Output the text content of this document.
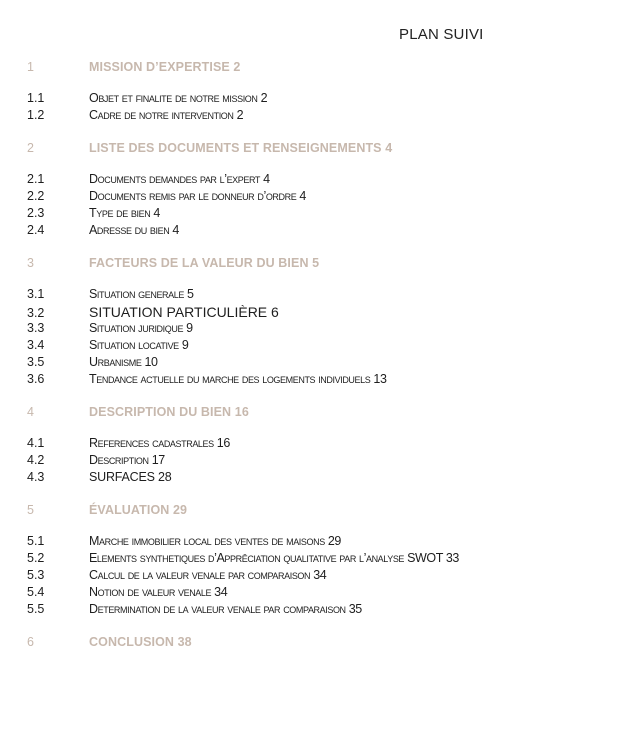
PLAN SUIVI
1	MISSION D’EXPERTISE 2
1.1	Objet et finalite de notre mission 2
1.2	Cadre de notre intervention 2
2	LISTE DES DOCUMENTS ET RENSEIGNEMENTS 4
2.1	Documents demandes par l’expert 4
2.2	Documents remis par le donneur d’ordre 4
2.3	Type de bien 4
2.4	Adresse du bien 4
3	FACTEURS DE LA VALEUR DU BIEN 5
3.1	Situation generale 5
3.2	SITUATION PARTICULIÈRE 6
3.3	Situation juridique 9
3.4	Situation locative 9
3.5	Urbanisme 10
3.6	Tendance actuelle du marche des logements individuels 13
4	DESCRIPTION DU BIEN 16
4.1	References cadastrales 16
4.2	Description 17
4.3	SURFACES 28
5	ÉVALUATION 29
5.1	Marche immobilier local des ventes de maisons 29
5.2	Elements synthetiques d’Apprêciation qualitative par l’analyse SWOT 33
5.3	Calcul de la valeur venale par comparaison 34
5.4	Notion de valeur venale 34
5.5	Determination de la valeur venale par comparaison 35
6	CONCLUSION 38
